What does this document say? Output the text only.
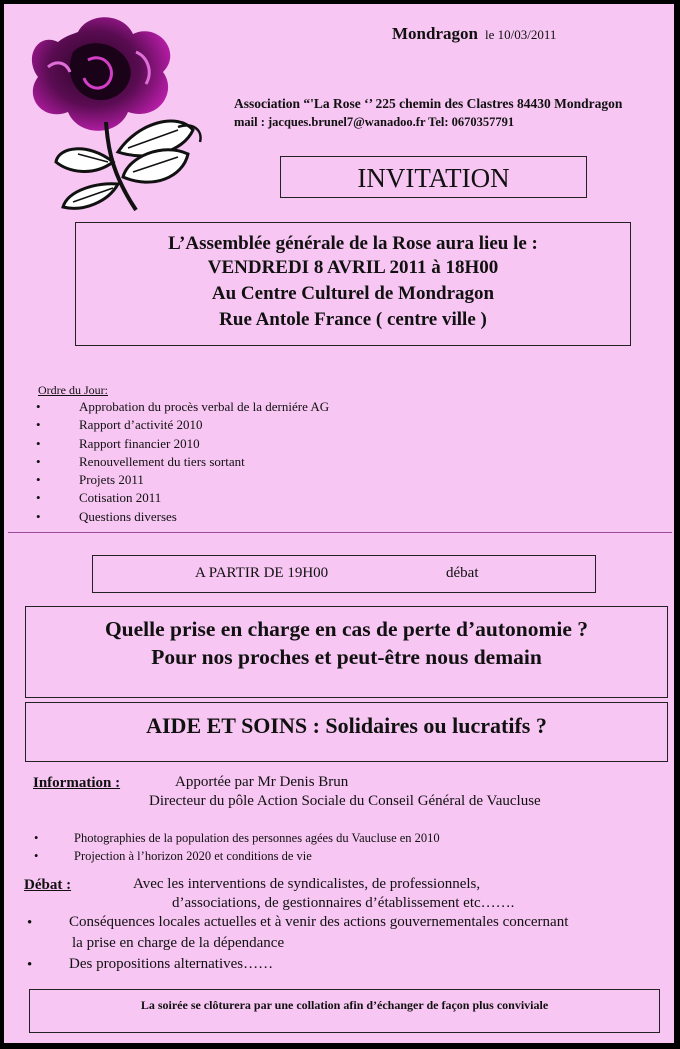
Mondragon le 10/03/2011
Association “'La Rose ‘’ 225 chemin des Clastres 84430 Mondragon
mail : jacques.brunel7@wanadoo.fr Tel: 0670357791
INVITATION
L’Assemblée générale de la Rose aura lieu le :
VENDREDI 8 AVRIL 2011 à 18H00
Au Centre Culturel de Mondragon
Rue Antole France ( centre ville )
Ordre du Jour:
•	Approbation du procès verbal de la derniére AG
•	Rapport d’activité 2010
•	Rapport financier 2010
•	Renouvellement du tiers sortant
•	Projets 2011
•	Cotisation 2011
•	Questions diverses
A PARTIR DE 19H00	débat
Quelle prise en charge en cas de perte d’autonomie ?
Pour nos proches et peut-être nous demain
AIDE ET SOINS : Solidaires ou lucratifs ?
Information :	Apportée par Mr Denis Brun
Directeur du pôle Action Sociale du Conseil Général de Vaucluse
•	Photographies de la population des personnes agées du Vaucluse en 2010
•	Projection à l’horizon 2020 et conditions de vie
Débat :	Avec les interventions de syndicalistes, de professionnels,
d’associations, de gestionnaires d’établissement etc…….
• Conséquences locales actuelles et à venir des actions gouvernementales concernant
la prise en charge de la dépendance
• Des propositions alternatives……
La soirée se clôturera par une collation afin d’échanger de façon plus conviviale
